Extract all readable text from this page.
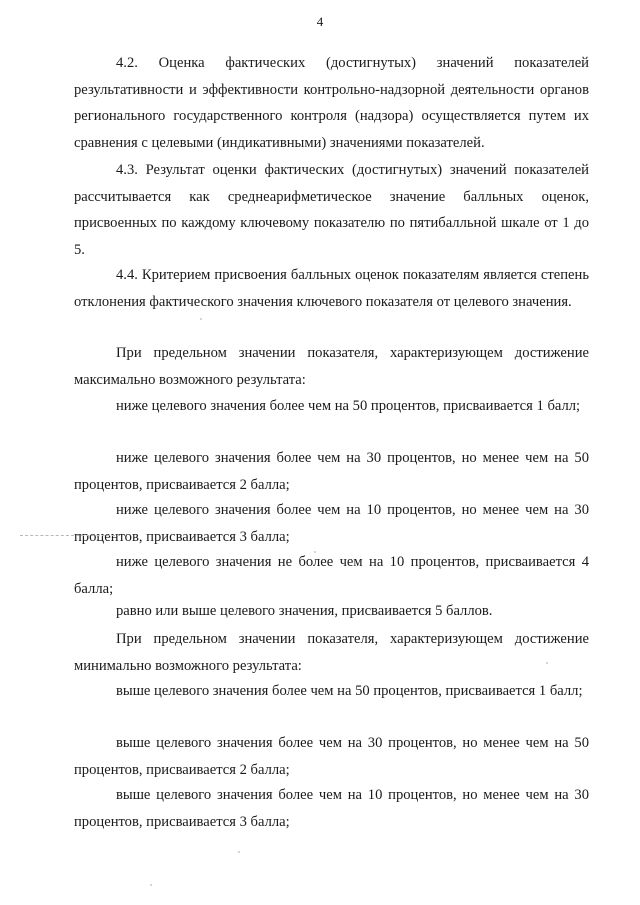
4

4.2. Оценка фактических (достигнутых) значений показателей результативности и эффективности контрольно-надзорной деятельности органов регионального государственного контроля (надзора) осуществляется путем их сравнения с целевыми (индикативными) значениями показателей.

4.3. Результат оценки фактических (достигнутых) значений показателей рассчитывается как среднеарифметическое значение балльных оценок, присвоенных по каждому ключевому показателю по пятибалльной шкале от 1 до 5.

4.4. Критерием присвоения балльных оценок показателям является степень отклонения фактического значения ключевого показателя от целевого значения.

При предельном значении показателя, характеризующем достижение максимально возможного результата:

ниже целевого значения более чем на 50 процентов, присваивается 1 балл;

ниже целевого значения более чем на 30 процентов, но менее чем на 50 процентов, присваивается 2 балла;

ниже целевого значения более чем на 10 процентов, но менее чем на 30 процентов, присваивается 3 балла;

ниже целевого значения не более чем на 10 процентов, присваивается 4 балла;

равно или выше целевого значения, присваивается 5 баллов.

При предельном значении показателя, характеризующем достижение минимально возможного результата:

выше целевого значения более чем на 50 процентов, присваивается 1 балл;

выше целевого значения более чем на 30 процентов, но менее чем на 50 процентов, присваивается 2 балла;

выше целевого значения более чем на 10 процентов, но менее чем на 30 процентов, присваивается 3 балла;
